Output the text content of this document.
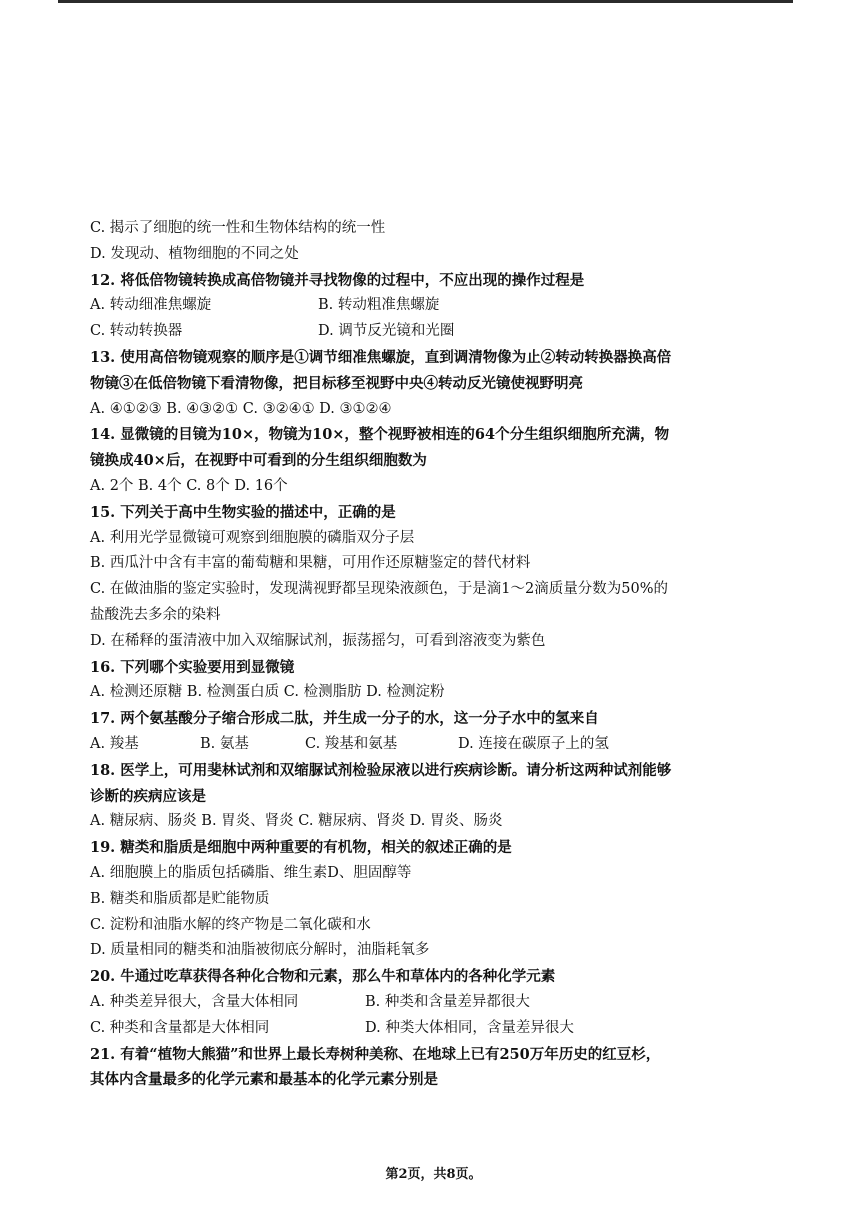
C. 揭示了细胞的统一性和生物体结构的统一性
D. 发现动、植物细胞的不同之处
12. 将低倍物镜转换成高倍物镜并寻找物像的过程中，不应出现的操作过程是
A. 转动细准焦螺旋	B. 转动粗准焦螺旋
C. 转动转换器	D. 调节反光镜和光圈
13. 使用高倍物镜观察的顺序是①调节细准焦螺旋，直到调清物像为止②转动转换器换高倍
物镜③在低倍物镜下看清物像，把目标移至视野中央④转动反光镜使视野明亮
A. ④①②③ B. ④③②① C. ③②④① D. ③①②④
14. 显微镜的目镜为10×，物镜为10×，整个视野被相连的64个分生组织细胞所充满，物
镜换成40×后，在视野中可看到的分生组织细胞数为
A. 2个 B. 4个 C. 8个 D. 16个
15. 下列关于高中生物实验的描述中，正确的是
A. 利用光学显微镜可观察到细胞膜的磷脂双分子层
B. 西瓜汁中含有丰富的葡萄糖和果糖，可用作还原糖鉴定的替代材料
C. 在做油脂的鉴定实验时，发现满视野都呈现染液颜色，于是滴1～2滴质量分数为50%的
盐酸洗去多余的染料
D. 在稀释的蛋清液中加入双缩脲试剂，振荡摇匀，可看到溶液变为紫色
16. 下列哪个实验要用到显微镜
A. 检测还原糖 B. 检测蛋白质 C. 检测脂肪 D. 检测淀粉
17. 两个氨基酸分子缩合形成二肽，并生成一分子的水，这一分子水中的氢来自
A. 羧基	B. 氨基	C. 羧基和氨基	D. 连接在碳原子上的氢
18. 医学上，可用斐林试剂和双缩脲试剂检验尿液以进行疾病诊断。请分析这两种试剂能够
诊断的疾病应该是
A. 糖尿病、肠炎 B. 胃炎、肾炎 C. 糖尿病、肾炎 D. 胃炎、肠炎
19. 糖类和脂质是细胞中两种重要的有机物，相关的叙述正确的是
A. 细胞膜上的脂质包括磷脂、维生素D、胆固醇等
B. 糖类和脂质都是贮能物质
C. 淀粉和油脂水解的终产物是二氧化碳和水
D. 质量相同的糖类和油脂被彻底分解时，油脂耗氧多
20. 牛通过吃草获得各种化合物和元素，那么牛和草体内的各种化学元素
A. 种类差异很大，含量大体相同	B. 种类和含量差异都很大
C. 种类和含量都是大体相同	D. 种类大体相同，含量差异很大
21. 有着“植物大熊猫”和世界上最长寿树种美称、在地球上已有250万年历史的红豆杉，
其体内含量最多的化学元素和最基本的化学元素分别是
第2页，共8页。
